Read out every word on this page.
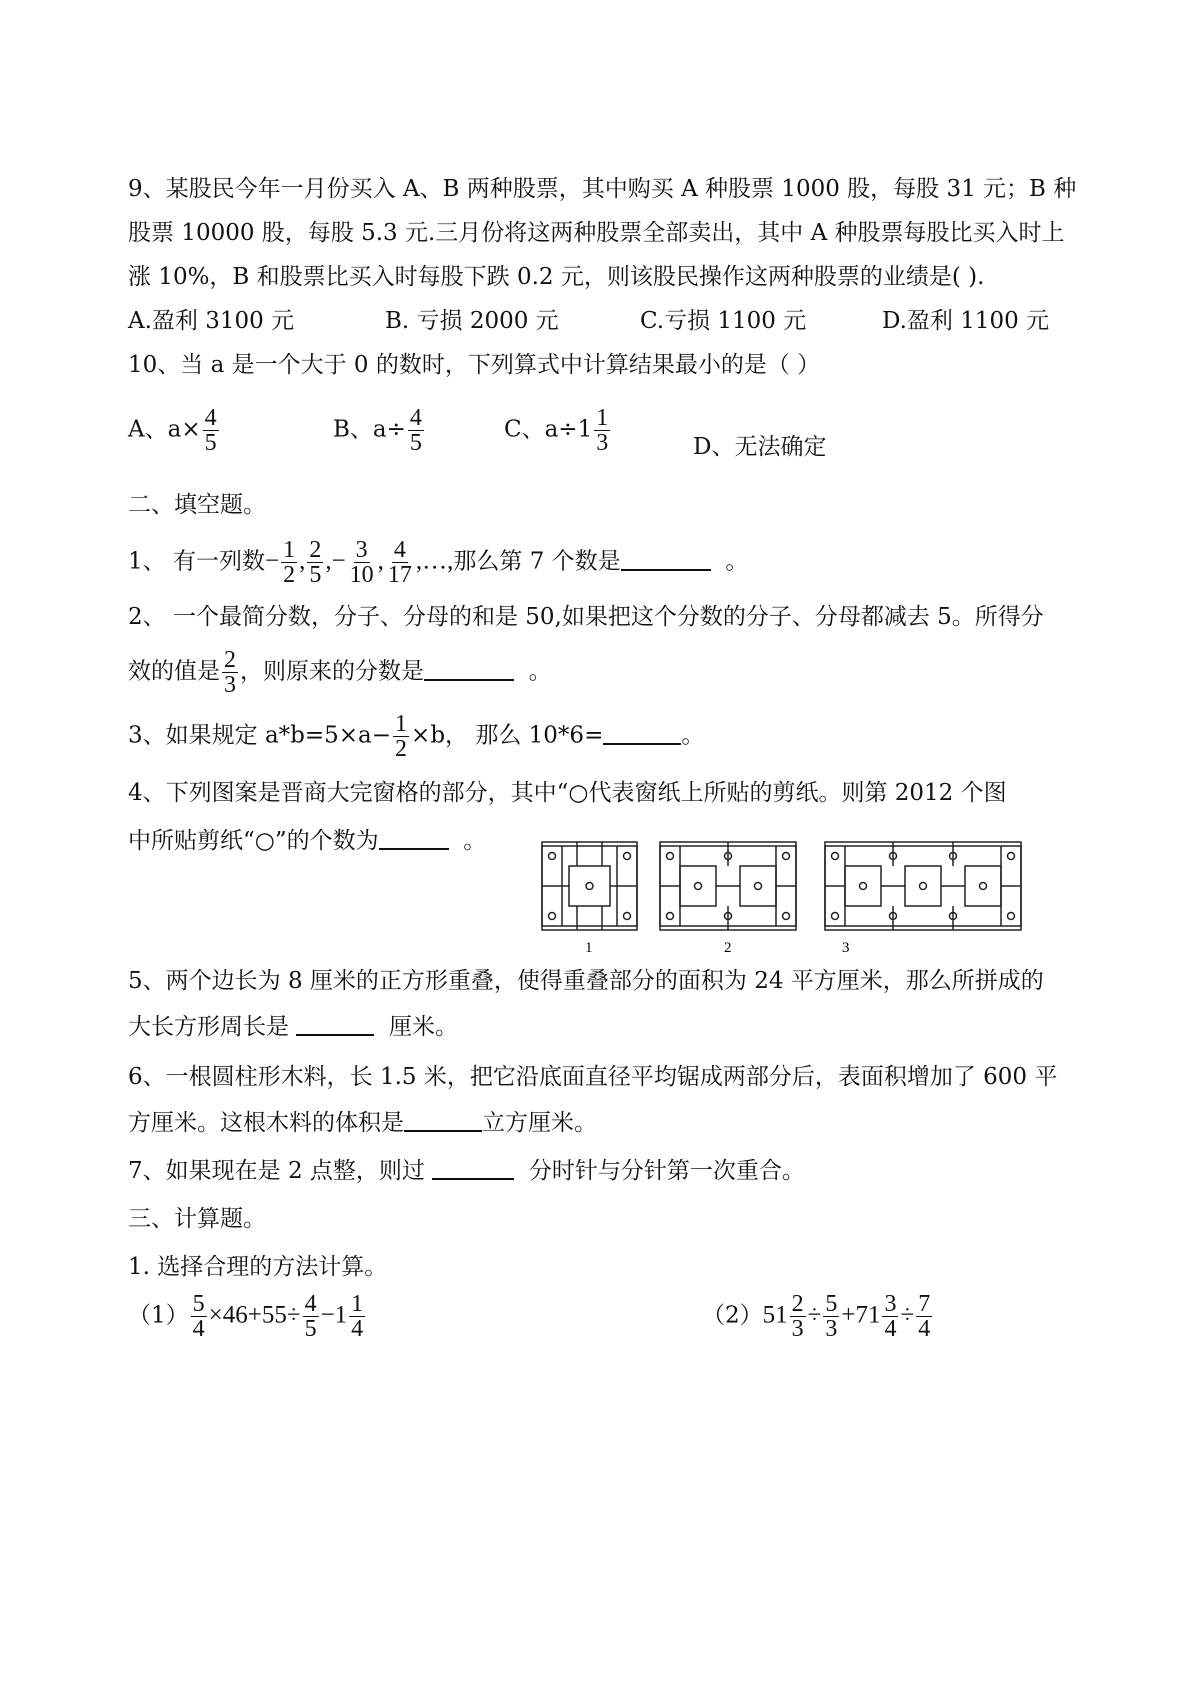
9、某股民今年一月份买入 A、B 两种股票，其中购买 A 种股票 1000 股，每股 31 元；B 种
股票 10000 股，每股 5.3 元.三月份将这两种股票全部卖出，其中 A 种股票每股比买入时上
涨 10%，B 和股票比买入时每股下跌 0.2 元，则该股民操作这两种股票的业绩是( ).
A.盈利 3100 元	B. 亏损 2000 元	C.亏损 1100 元	D.盈利 1100 元
10、当 a 是一个大于 0 的数时，下列算式中计算结果最小的是（ ）
A、$a\times \frac{4}{5}$	B、$a\div \frac{4}{5}$	C、$a\div 1 \frac{1}{3}$	D、无法确定
二、填空题。
1、 有一列数− $\frac{1}{2}$ , $\frac{2}{5}$ ,− $\frac{3}{10}$ , $\frac{4}{17}$ ,…,那么第 7 个数是	。
2、 一个最简分数，分子、分母的和是 50,如果把这个分数的分子、分母都减去 5。所得分
效的值是 $\frac{2}{3}$ ，则原来的分数是	。
3、如果规定 $a*b=5\times a- \frac{1}{2} \times b$， 那么 10*6=	。
4、下列图案是晋商大完窗格的部分，其中“○代表窗纸上所贴的剪纸。则第 2012 个图
中所贴剪纸“○”的个数为	。
1	2	3
5、两个边长为 8 厘米的正方形重叠，使得重叠部分的面积为 24 平方厘米，那么所拼成的
大长方形周长是	厘米。
6、一根圆柱形木料，长 1.5 米，把它沿底面直径平均锯成两部分后，表面积增加了 600 平
方厘米。这根木料的体积是	立方厘米。
7、如果现在是 2 点整，则过	分时针与分针第一次重合。
三、计算题。
1. 选择合理的方法计算。
$(1) \frac{5}{4} \times 46+55\div \frac{4}{5} -1 \frac{1}{4}$	$(2)51 \frac{2}{3} \div \frac{5}{3} +71 \frac{3}{4} \div \frac{7}{4}$
